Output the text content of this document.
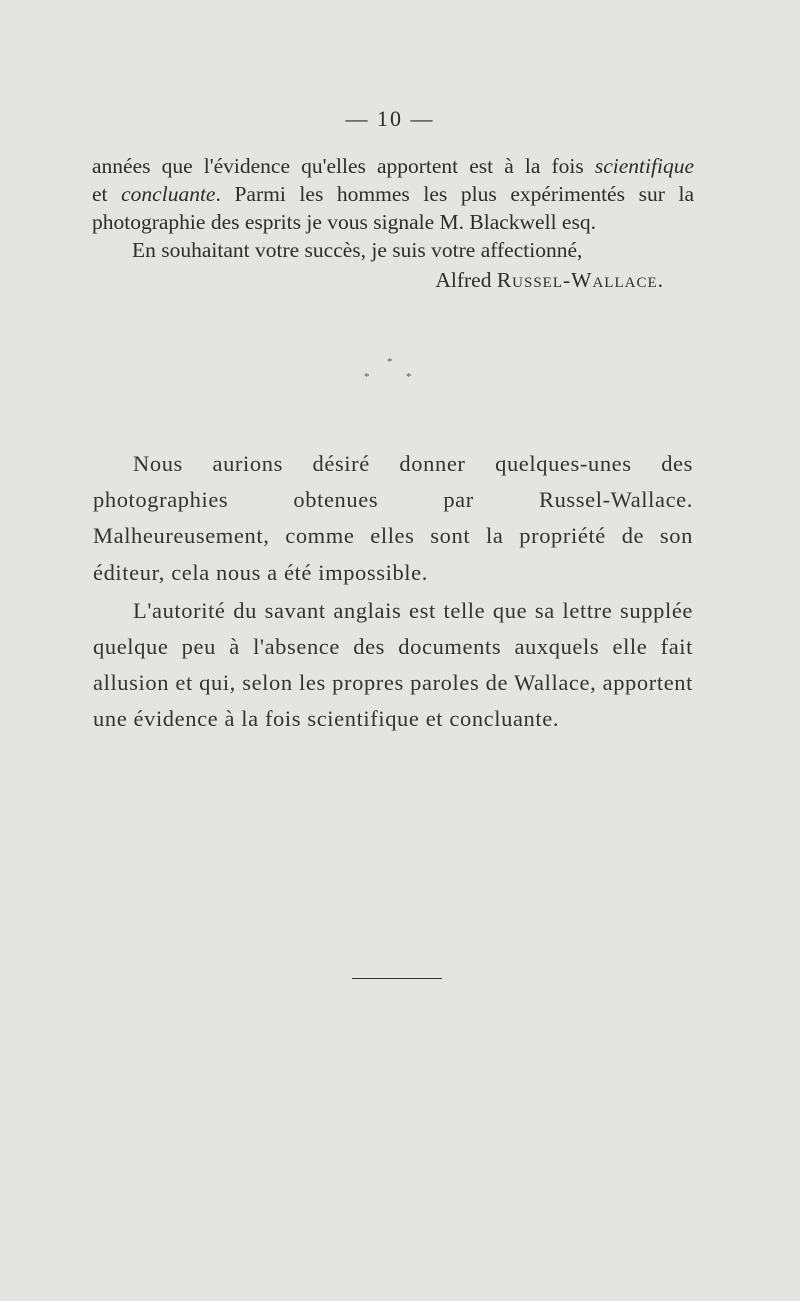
— 10 —

années que l'évidence qu'elles apportent est à la fois scientifique

et concluante. Parmi les hommes les plus expérimentés sur la

photographie des esprits je vous signale M. Blackwell esq.

En souhaitant votre succès, je suis votre affectionné,

Alfred Russel-Wallace.
*
*	*

Nous aurions désiré donner quelques-unes des photographies obtenues par Russel-Wallace. Malheureusement, comme elles sont la propriété de son éditeur, cela nous a été impossible.

L'autorité du savant anglais est telle que sa lettre supplée quelque peu à l'absence des documents auxquels elle fait allusion et qui, selon les propres paroles de Wallace, apportent une évidence à la fois scientifique et concluante.
